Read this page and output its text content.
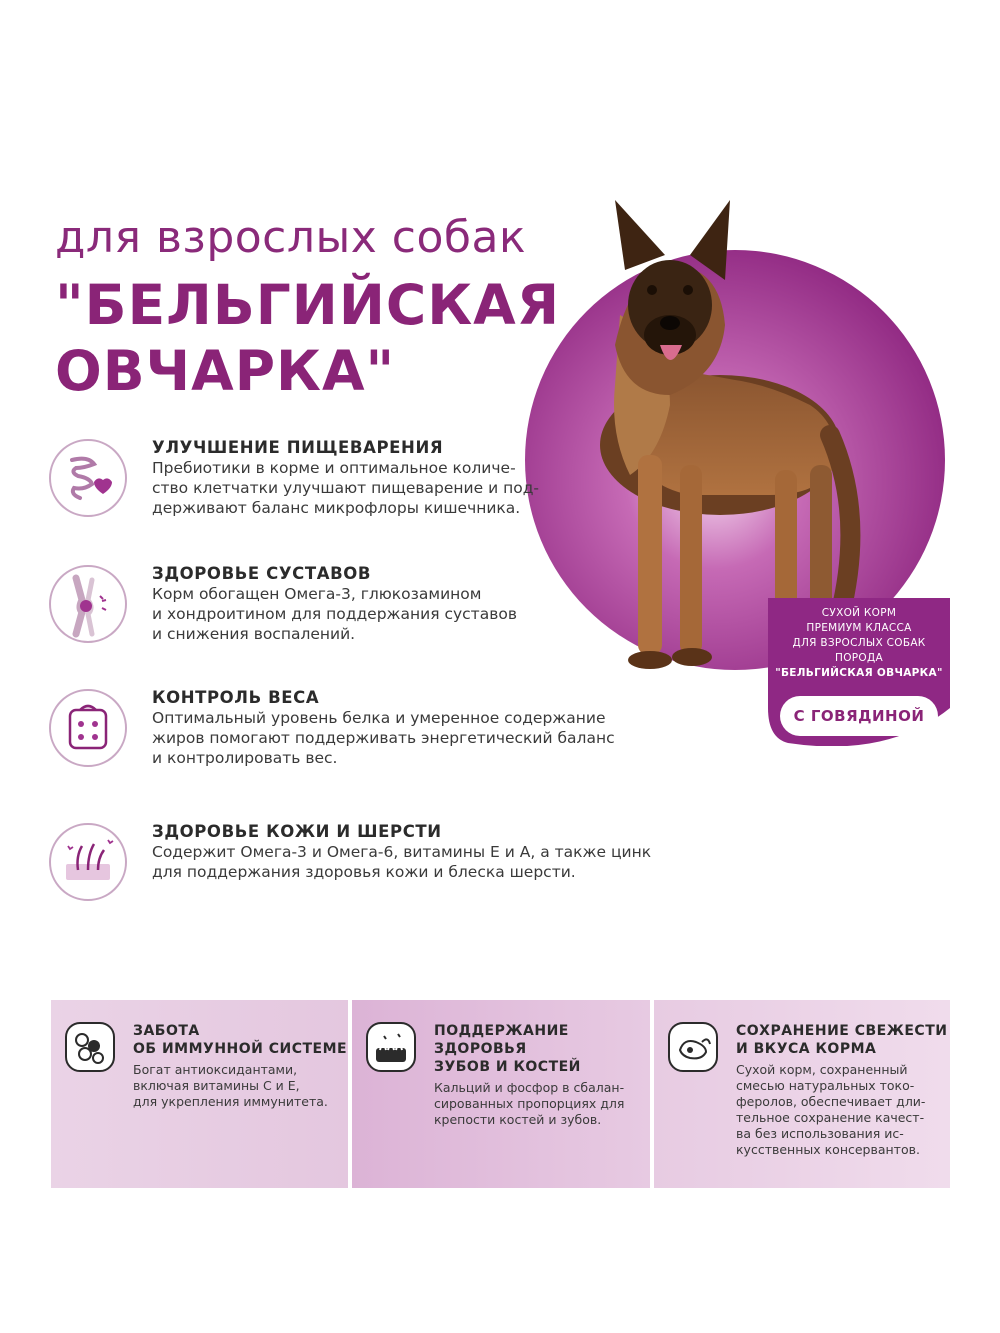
для взрослых собак
"БЕЛЬГИЙСКАЯ
ОВЧАРКА"
СУХОЙ КОРМ
ПРЕМИУМ КЛАССА
ДЛЯ ВЗРОСЛЫХ СОБАК
ПОРОДА
"БЕЛЬГИЙСКАЯ ОВЧАРКА"
С ГОВЯДИНОЙ
УЛУЧШЕНИЕ ПИЩЕВАРЕНИЯ

Пребиотики в корме и оптимальное количе-
ство клетчатки улучшают пищеварение и под-
держивают баланс микрофлоры кишечника.

ЗДОРОВЬЕ СУСТАВОВ

Корм обогащен Омега-3, глюкозамином
и хондроитином для поддержания суставов
и снижения воспалений.

КОНТРОЛЬ ВЕСА

Оптимальный уровень белка и умеренное содержание
жиров помогают поддерживать энергетический баланс
и контролировать вес.

ЗДОРОВЬЕ КОЖИ И ШЕРСТИ

Содержит Омега-3 и Омега-6, витамины Е и А, а также цинк
для поддержания здоровья кожи и блеска шерсти.

ЗАБОТА
ОБ ИММУННОЙ СИСТЕМЕ

Богат антиоксидантами,
включая витамины С и Е,
для укрепления иммунитета.

ПОДДЕРЖАНИЕ
ЗДОРОВЬЯ
ЗУБОВ И КОСТЕЙ

Кальций и фосфор в сбалан-
сированных пропорциях для
крепости костей и зубов.

СОХРАНЕНИЕ СВЕЖЕСТИ
И ВКУСА КОРМА

Сухой корм, сохраненный
смесью натуральных токо-
феролов, обеспечивает дли-
тельное сохранение качест-
ва без использования ис-
кусственных консервантов.
